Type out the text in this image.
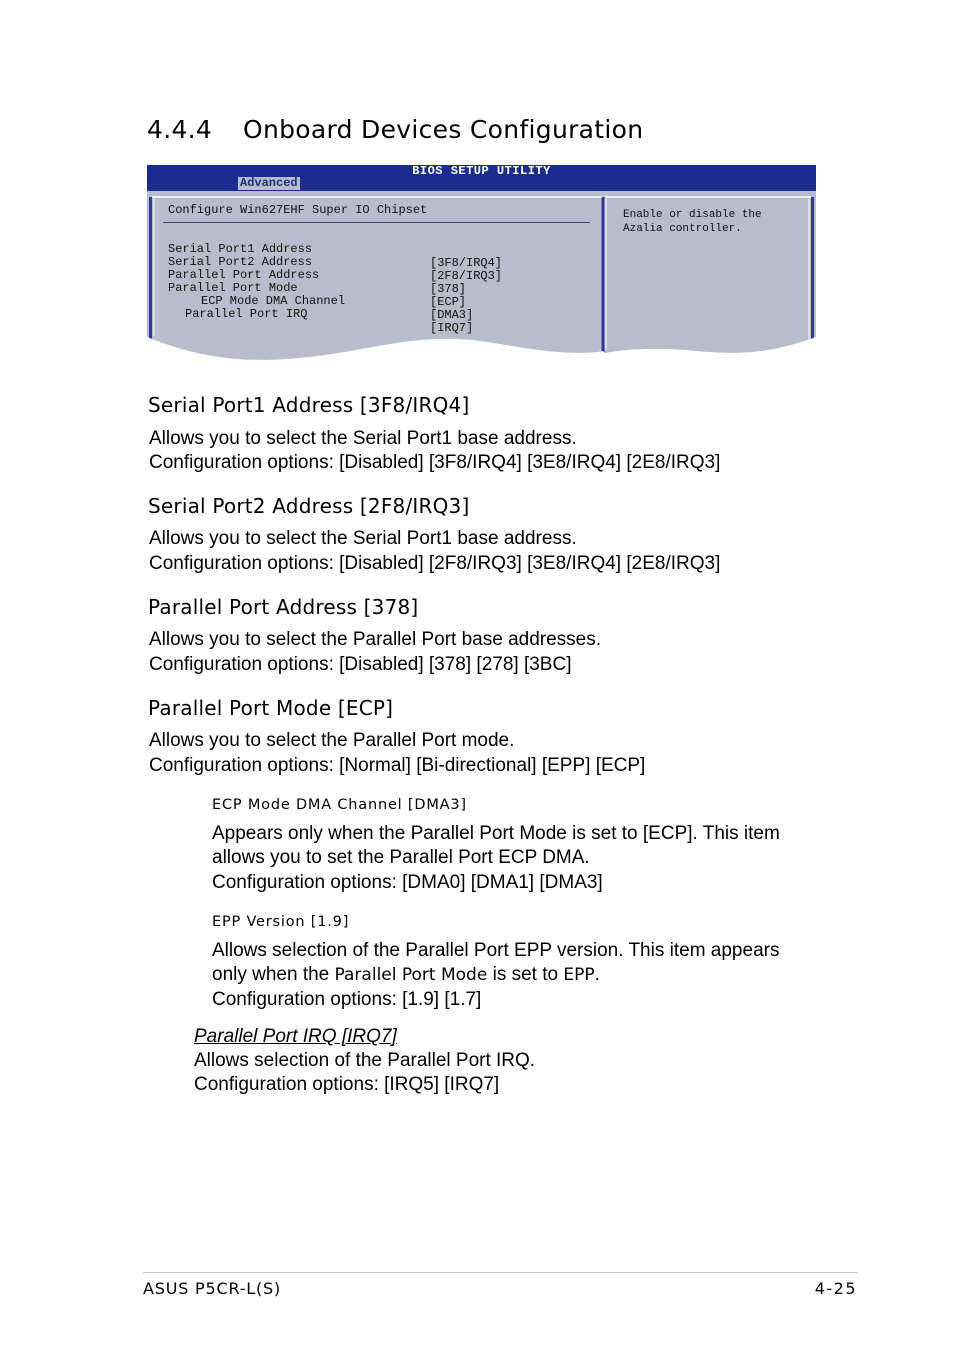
4.4.4 Onboard Devices Configuration
BIOS SETUP UTILITY
Advanced
Configure Win627EHF Super IO Chipset

Serial Port1 Address

[3F8/IRQ4]

Serial Port2 Address

[2F8/IRQ3]

Parallel Port Address

[378]

Parallel Port Mode

[ECP]

ECP Mode DMA Channel

[DMA3]

Parallel Port IRQ

[IRQ7]

Enable or disable the
Azalia controller.
Serial Port1 Address [3F8/IRQ4]
Allows you to select the Serial Port1 base address.
Configuration options: [Disabled] [3F8/IRQ4] [3E8/IRQ4] [2E8/IRQ3]
Serial Port2 Address [2F8/IRQ3]
Allows you to select the Serial Port1 base address.
Configuration options: [Disabled] [2F8/IRQ3] [3E8/IRQ4] [2E8/IRQ3]
Parallel Port Address [378]
Allows you to select the Parallel Port base addresses.
Configuration options: [Disabled] [378] [278] [3BC]
Parallel Port Mode [ECP]
Allows you to select the Parallel Port mode.
Configuration options: [Normal] [Bi-directional] [EPP] [ECP]
ECP Mode DMA Channel [DMA3]
Appears only when the Parallel Port Mode is set to [ECP]. This item
allows you to set the Parallel Port ECP DMA.
Configuration options: [DMA0] [DMA1] [DMA3]
EPP Version [1.9]
Allows selection of the Parallel Port EPP version. This item appears
only when the Parallel Port Mode is set to EPP.
Configuration options: [1.9] [1.7]
Parallel Port IRQ [IRQ7]
Allows selection of the Parallel Port IRQ.
Configuration options: [IRQ5] [IRQ7]
ASUS P5CR-L(S)	4-25
